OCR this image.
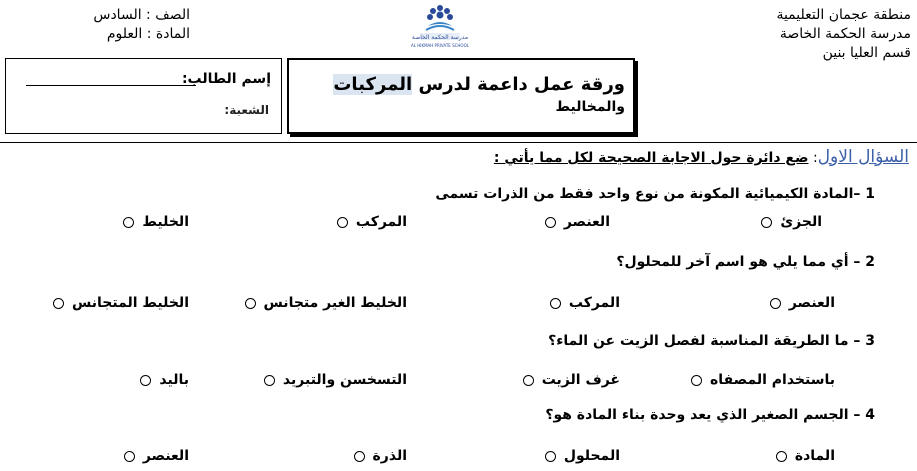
منطقة عجمان التعليمية
مدرسة الحكمة الخاصة
قسم العليا بنين
الصف : السادس
المادة : العلوم	مدرسة الحكمة الخاصة
AL HIKMAH PRIVATE SCHOOL
إسم الطالب:
الشعبة:
ورقة عمل داعمة لدرس المركبات والمخاليط
السؤال الاول: ضع دائرة حول الاجابة الصحيحة لكل مما يأتي :
1 –المادة الكيميائية المكونة من نوع واحد فقط من الذرات تسمى
الجزئ
العنصر
المركب
الخليط
2 – أي مما يلي هو اسم آخر للمحلول؟
العنصر
المركب
الخليط الغير متجانس
الخليط المتجانس
3 – ما الطريقة المناسبة لفصل الزيت عن الماء؟
باستخدام المصفاه
غرف الزيت
التسخسن والتبريد
باليد
4 – الجسم الصغير الذي يعد وحدة بناء المادة هو؟
المادة
المحلول
الذرة
العنصر
